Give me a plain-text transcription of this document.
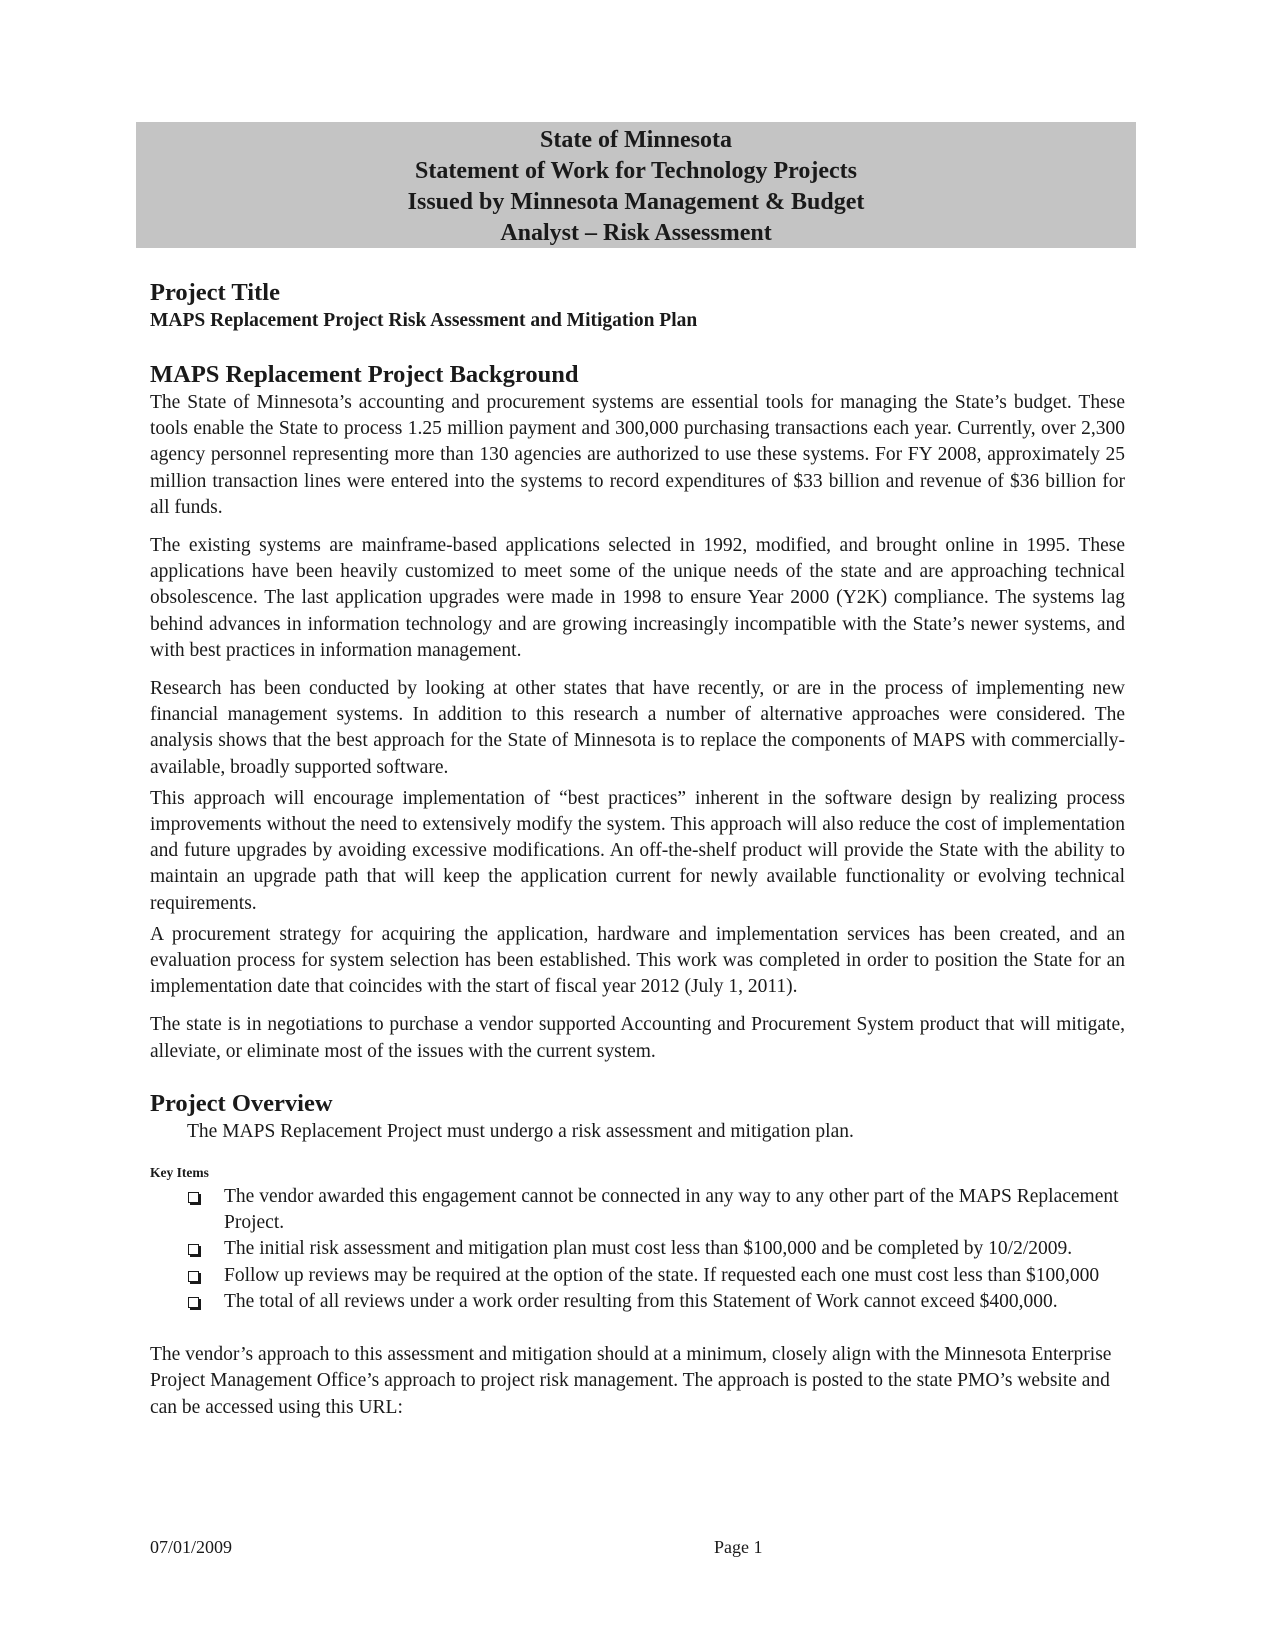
State of Minnesota
Statement of Work for Technology Projects
Issued by Minnesota Management & Budget
Analyst – Risk Assessment
Project Title
MAPS Replacement Project Risk Assessment and Mitigation Plan
MAPS Replacement Project Background

The State of Minnesota’s accounting and procurement systems are essential tools for managing the State’s budget. These tools enable the State to process 1.25 million payment and 300,000 purchasing transactions each year. Currently, over 2,300 agency personnel representing more than 130 agencies are authorized to use these systems. For FY 2008, approximately 25 million transaction lines were entered into the systems to record expenditures of $33 billion and revenue of $36 billion for all funds.

The existing systems are mainframe-based applications selected in 1992, modified, and brought online in 1995. These applications have been heavily customized to meet some of the unique needs of the state and are approaching technical obsolescence. The last application upgrades were made in 1998 to ensure Year 2000 (Y2K) compliance. The systems lag behind advances in information technology and are growing increasingly incompatible with the State’s newer systems, and with best practices in information management.

Research has been conducted by looking at other states that have recently, or are in the process of implementing new financial management systems. In addition to this research a number of alternative approaches were considered. The analysis shows that the best approach for the State of Minnesota is to replace the components of MAPS with commercially-available, broadly supported software.

This approach will encourage implementation of “best practices” inherent in the software design by realizing process improvements without the need to extensively modify the system. This approach will also reduce the cost of implementation and future upgrades by avoiding excessive modifications. An off-the-shelf product will provide the State with the ability to maintain an upgrade path that will keep the application current for newly available functionality or evolving technical requirements.

A procurement strategy for acquiring the application, hardware and implementation services has been created, and an evaluation process for system selection has been established. This work was completed in order to position the State for an implementation date that coincides with the start of fiscal year 2012 (July 1, 2011).

The state is in negotiations to purchase a vendor supported Accounting and Procurement System product that will mitigate, alleviate, or eliminate most of the issues with the current system.

Project Overview

The MAPS Replacement Project must undergo a risk assessment and mitigation plan.

Key Items
The vendor awarded this engagement cannot be connected in any way to any other part of the MAPS Replacement Project.
The initial risk assessment and mitigation plan must cost less than $100,000 and be completed by 10/2/2009.
Follow up reviews may be required at the option of the state. If requested each one must cost less than $100,000
The total of all reviews under a work order resulting from this Statement of Work cannot exceed $400,000.

The vendor’s approach to this assessment and mitigation should at a minimum, closely align with the Minnesota Enterprise Project Management Office’s approach to project risk management. The approach is posted to the state PMO’s website and can be accessed using this URL:

07/01/2009	Page 1
